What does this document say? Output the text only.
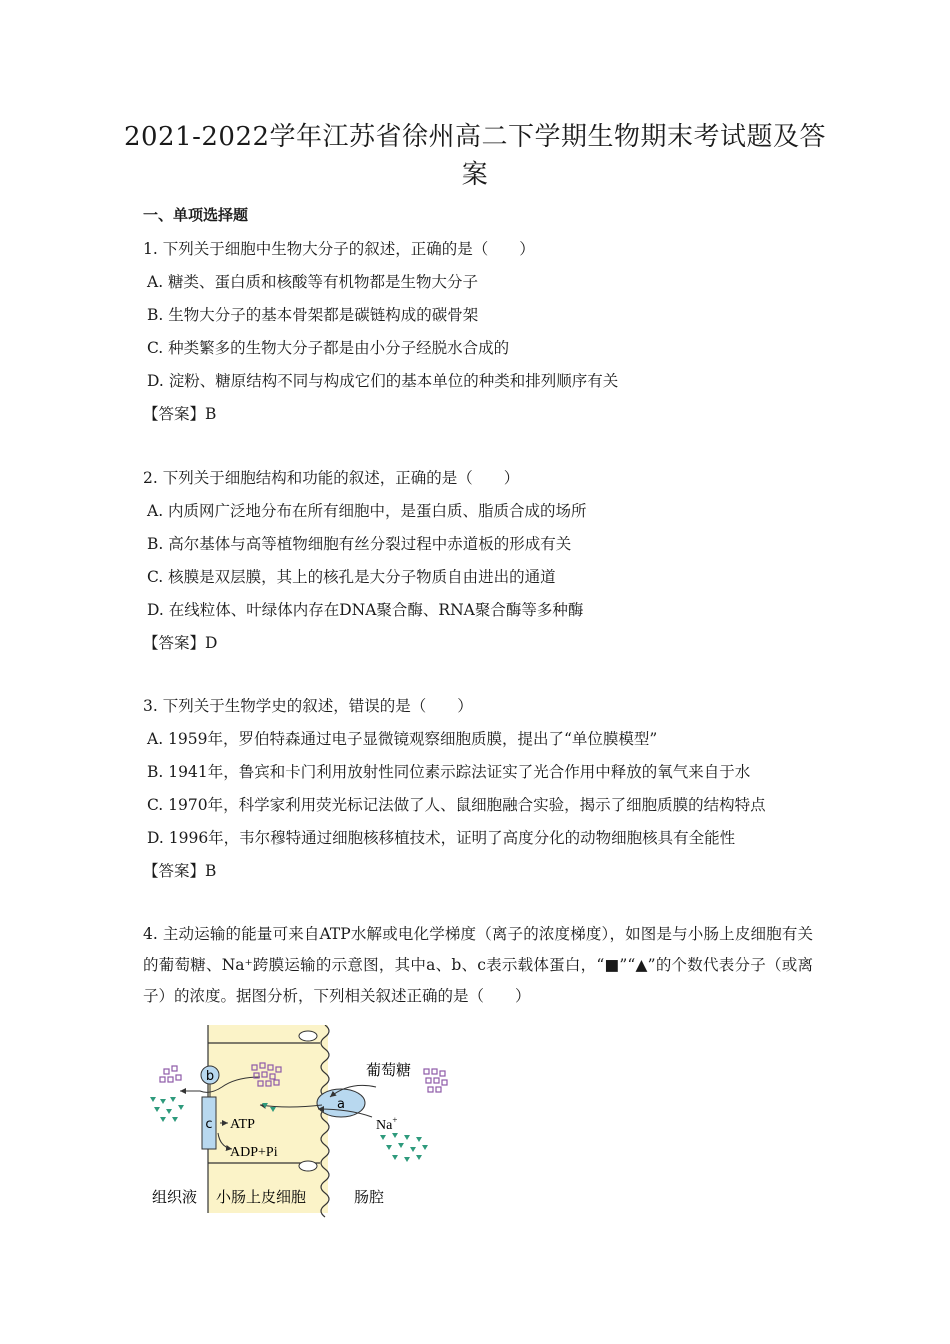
2021-2022学年江苏省徐州高二下学期生物期末考试题及答案
一、单项选择题
1. 下列关于细胞中生物大分子的叙述，正确的是（　　）
A. 糖类、蛋白质和核酸等有机物都是生物大分子
B. 生物大分子的基本骨架都是碳链构成的碳骨架
C. 种类繁多的生物大分子都是由小分子经脱水合成的
D. 淀粉、糖原结构不同与构成它们的基本单位的种类和排列顺序有关
【答案】B
2. 下列关于细胞结构和功能的叙述，正确的是（　　）
A. 内质网广泛地分布在所有细胞中，是蛋白质、脂质合成的场所
B. 高尔基体与高等植物细胞有丝分裂过程中赤道板的形成有关
C. 核膜是双层膜，其上的核孔是大分子物质自由进出的通道
D. 在线粒体、叶绿体内存在DNA聚合酶、RNA聚合酶等多种酶
【答案】D
3. 下列关于生物学史的叙述，错误的是（　　）
A. 1959年，罗伯特森通过电子显微镜观察细胞质膜，提出了“单位膜模型”
B. 1941年，鲁宾和卡门利用放射性同位素示踪法证实了光合作用中释放的氧气来自于水
C. 1970年，科学家利用荧光标记法做了人、鼠细胞融合实验，揭示了细胞质膜的结构特点
D. 1996年，韦尔穆特通过细胞核移植技术，证明了高度分化的动物细胞核具有全能性
【答案】B
4. 主动运输的能量可来自ATP水解或电化学梯度（离子的浓度梯度），如图是与小肠上皮细胞有关的葡萄糖、Na⁺跨膜运输的示意图，其中a、b、c表示载体蛋白，“■”“▲”的个数代表分子（或离子）的浓度。据图分析，下列相关叙述正确的是（　　）
c
b
a
ATP
ADP+Pi
葡萄糖
Na+
组织液 小肠上皮细胞	肠腔
